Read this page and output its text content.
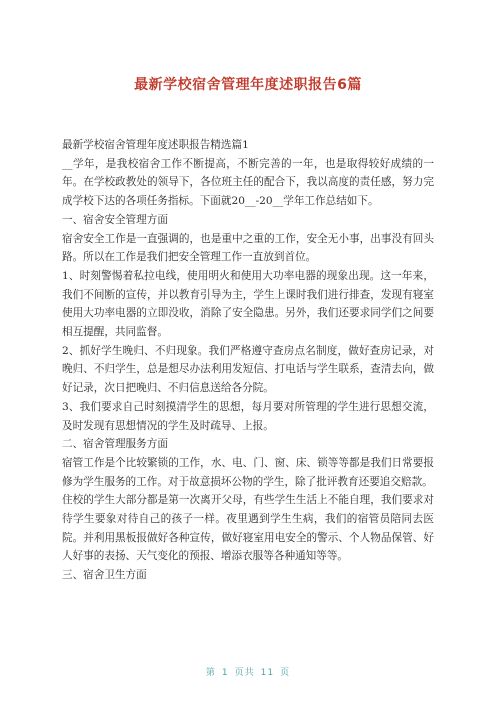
最新学校宿舍管理年度述职报告6篇

最新学校宿舍管理年度述职报告精选篇1

__学年，是我校宿舍工作不断提高，不断完善的一年，也是取得较好成绩的一年。在学校政教处的领导下，各位班主任的配合下，我以高度的责任感，努力完成学校下达的各项任务指标。下面就20__-20__学年工作总结如下。

一、宿舍安全管理方面

宿舍安全工作是一直强调的，也是重中之重的工作，安全无小事，出事没有回头路。所以在工作是我们把安全管理工作一直放到首位。

1、时刻警惕着私拉电线，使用明火和使用大功率电器的现象出现。这一年来，我们不间断的宣传，并以教育引导为主，学生上课时我们进行排查，发现有寝室使用大功率电器的立即没收，消除了安全隐患。另外，我们还要求同学们之间要相互提醒，共同监督。

2、抓好学生晚归、不归现象。我们严格遵守查房点名制度，做好查房记录，对晚归、不归学生，总是想尽办法利用发短信、打电话与学生联系，查清去向，做好记录，次日把晚归、不归信息送给各分院。

3、我们要求自己时刻摸清学生的思想，每月要对所管理的学生进行思想交流，及时发现有思想情况的学生及时疏导、上报。

二、宿舍管理服务方面

宿管工作是个比较繁锁的工作，水、电、门、窗、床、锁等等都是我们日常要报修为学生服务的工作。对于故意损坏公物的学生，除了批评教育还要追交赔款。

住校的学生大部分都是第一次离开父母，有些学生生活上不能自理，我们要求对待学生要象对待自己的孩子一样。夜里遇到学生生病，我们的宿管员陪同去医院。并利用黑板报做好各种宣传，做好寝室用电安全的警示、个人物品保管、好人好事的表扬、天气变化的预报、增添衣服等各种通知等等。

三、宿舍卫生方面

第 1 页共 11 页
